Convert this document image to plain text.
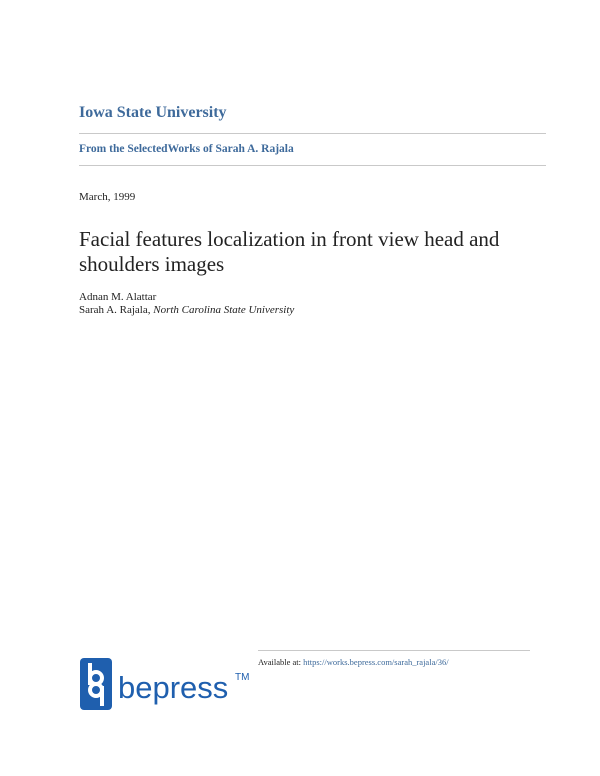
Iowa State University
From the SelectedWorks of Sarah A. Rajala
March, 1999
Facial features localization in front view head and shoulders images
Adnan M. Alattar
Sarah A. Rajala, North Carolina State University
Available at: https://works.bepress.com/sarah_rajala/36/
bepress TM
